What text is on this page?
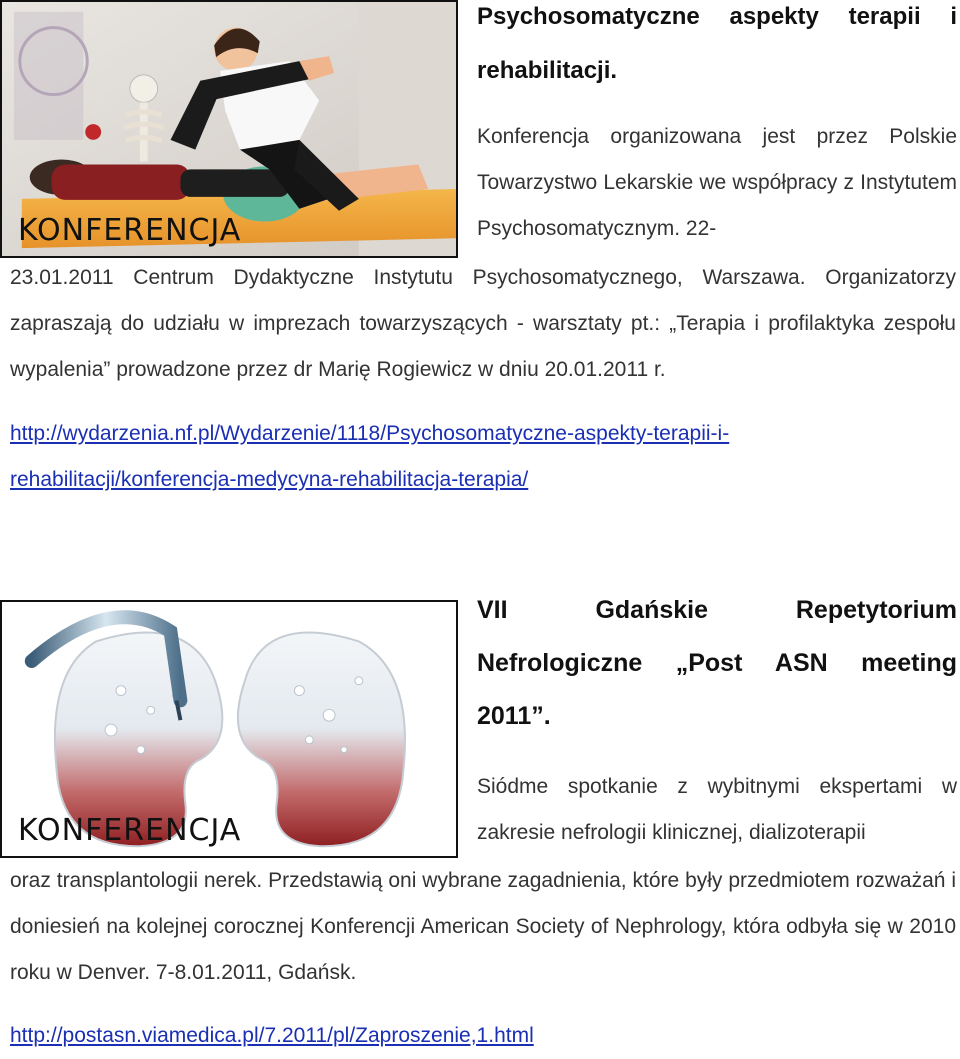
KONFERENCJA
Psychosomatyczne aspekty terapii i rehabilitacji.
Konferencja organizowana jest przez Polskie Towarzystwo Lekarskie we współpracy z Instytutem Psychosomatycznym. 22-
23.01.2011 Centrum Dydaktyczne Instytutu Psychosomatycznego, Warszawa. Organizatorzy zapraszają do udziału w imprezach towarzyszących - warsztaty pt.: „Terapia i profilaktyka zespołu wypalenia” prowadzone przez dr Marię Rogiewicz w dniu 20.01.2011 r.
http://wydarzenia.nf.pl/Wydarzenie/1118/Psychosomatyczne-aspekty-terapii-i-rehabilitacji/konferencja-medycyna-rehabilitacja-terapia/
KONFERENCJA
VII Gdańskie Repetytorium Nefrologiczne „Post ASN meeting 2011”.
Siódme spotkanie z wybitnymi ekspertami w zakresie nefrologii klinicznej, dializoterapii
oraz transplantologii nerek. Przedstawią oni wybrane zagadnienia, które były przedmiotem rozważań i doniesień na kolejnej corocznej Konferencji American Society of Nephrology, która odbyła się w 2010 roku w Denver. 7-8.01.2011, Gdańsk.
http://postasn.viamedica.pl/7.2011/pl/Zaproszenie,1.html
